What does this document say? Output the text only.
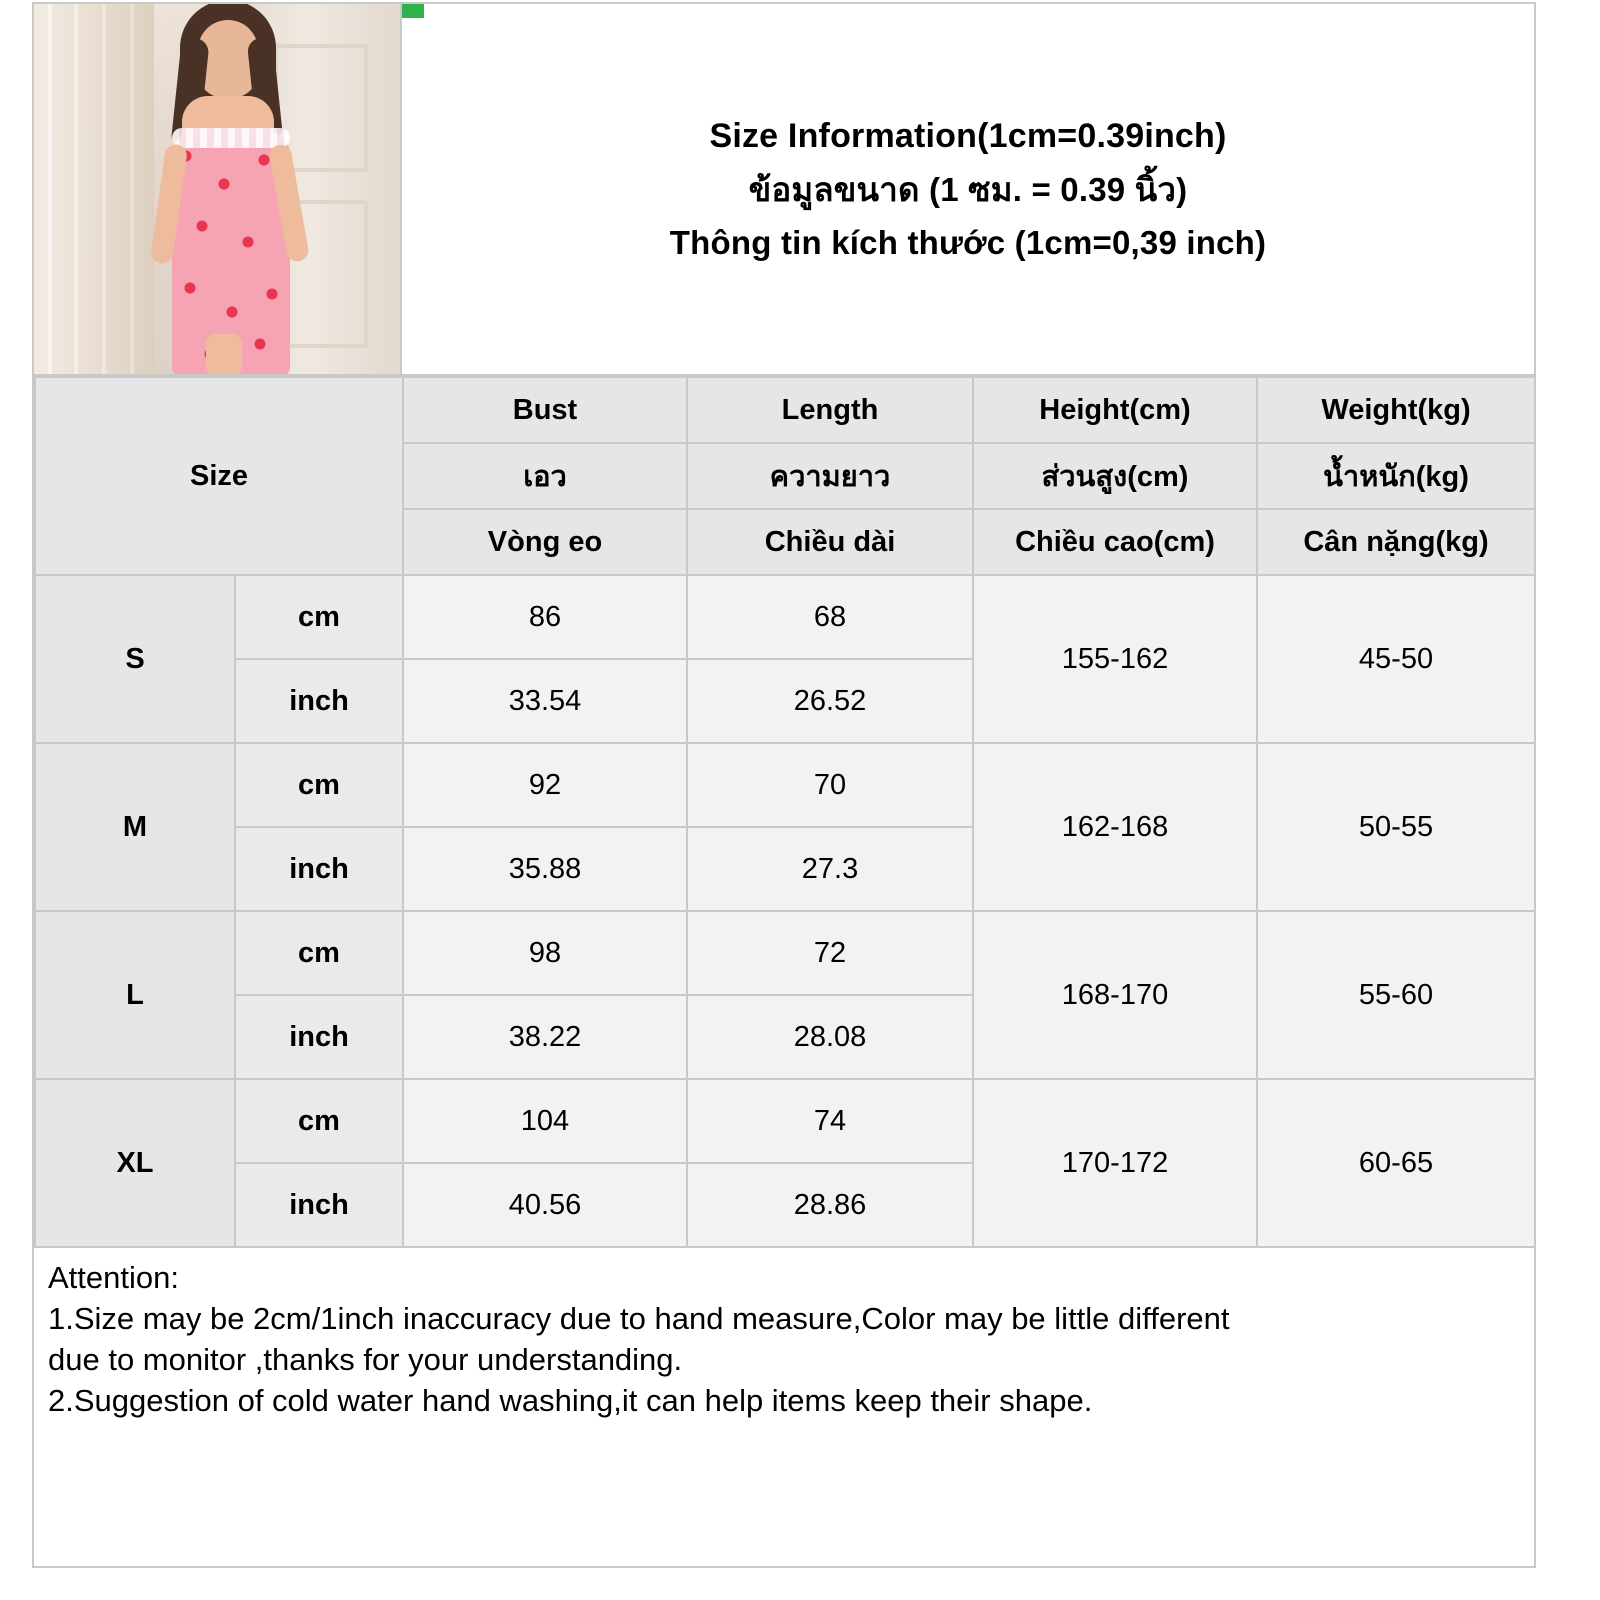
Size Information(1cm=0.39inch)
ข้อมูลขนาด (1 ซม. = 0.39 นิ้ว)
Thông tin kích thước (1cm=0,39 inch)
Size		Bust	Length	Height(cm)	Weight(kg)
		เอว	ความยาว	ส่วนสูง(cm)	น้ำหนัก(kg)
		Vòng eo	Chiều dài	Chiều cao(cm)	Cân nặng(kg)
S	cm	86	68	155-162	45-50
	inch	33.54	26.52		
M	cm	92	70	162-168	50-55
	inch	35.88	27.3		
L	cm	98	72	168-170	55-60
	inch	38.22	28.08		
XL	cm	104	74	170-172	60-65
	inch	40.56	28.86		
Attention:
1.Size may be 2cm/1inch inaccuracy due to hand measure,Color may be little different
due to monitor ,thanks for your understanding.
2.Suggestion of cold water hand washing,it can help items keep their shape.
